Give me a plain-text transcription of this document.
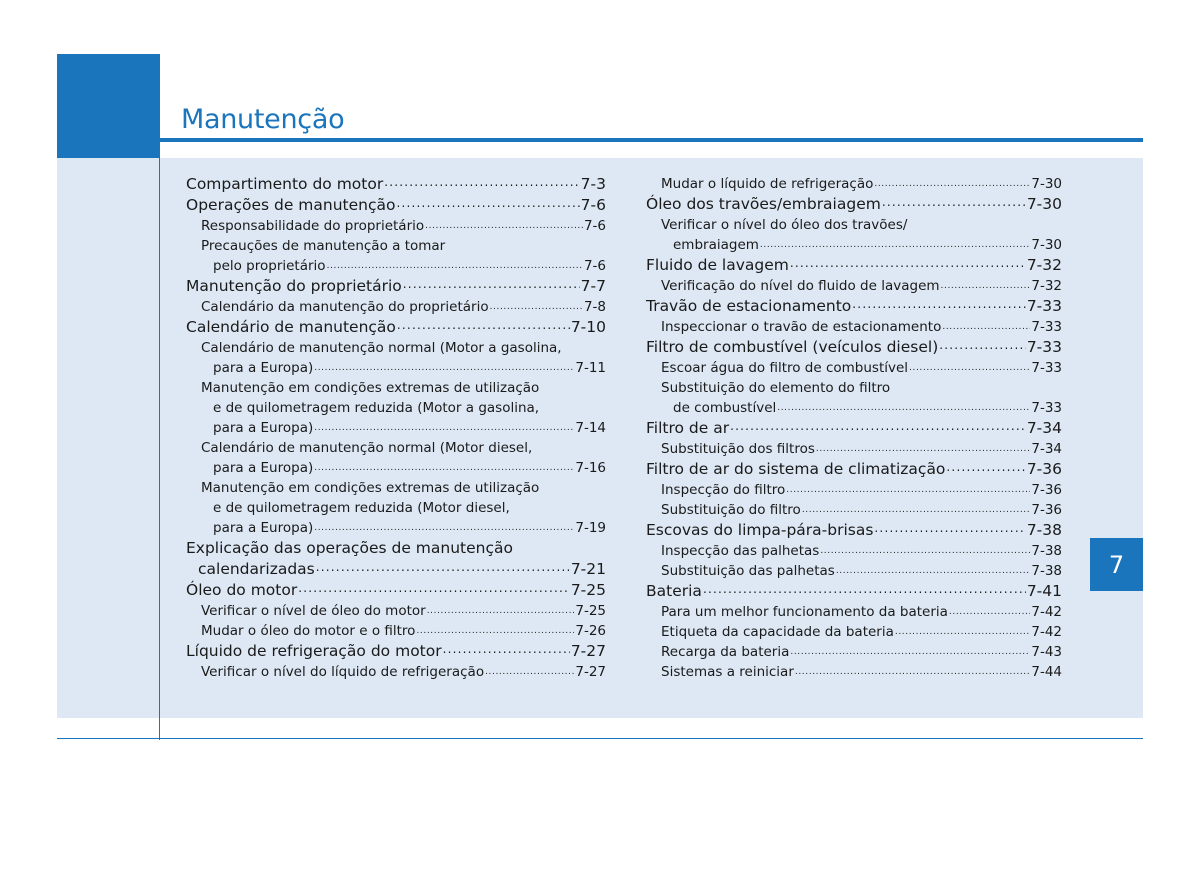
Manutenção
7
Compartimento do motor .....	7-3
Operações de manutenção .....	7-6
Responsabilidade do proprietário .....	7-6
Precauções de manutenção a tomar
pelo proprietário .....	7-6
Manutenção do proprietário .....	7-7
Calendário da manutenção do proprietário .....	7-8
Calendário de manutenção .....	7-10
Calendário de manutenção normal (Motor a gasolina,
para a Europa) .....	7-11
Manutenção em condições extremas de utilização
e de quilometragem reduzida (Motor a gasolina,
para a Europa) .....	7-14
Calendário de manutenção normal (Motor diesel,
para a Europa) .....	7-16
Manutenção em condições extremas de utilização
e de quilometragem reduzida (Motor diesel,
para a Europa) .....	7-19
Explicação das operações de manutenção
calendarizadas .....	7-21
Óleo do motor .....	7-25
Verificar o nível de óleo do motor .....	7-25
Mudar o óleo do motor e o filtro .....	7-26
Líquido de refrigeração do motor .....	7-27
Verificar o nível do líquido de refrigeração .....	7-27
Mudar o líquido de refrigeração .....	7-30
Óleo dos travões/embraiagem .....	7-30
Verificar o nível do óleo dos travões/
embraiagem .....	7-30
Fluido de lavagem .....	7-32
Verificação do nível do fluido de lavagem .....	7-32
Travão de estacionamento .....	7-33
Inspeccionar o travão de estacionamento .....	7-33
Filtro de combustível (veículos diesel) .....	7-33
Escoar água do filtro de combustível .....	7-33
Substituição do elemento do filtro
de combustível .....	7-33
Filtro de ar .....	7-34
Substituição dos filtros .....	7-34
Filtro de ar do sistema de climatização .....	7-36
Inspecção do filtro .....	7-36
Substituição do filtro .....	7-36
Escovas do limpa-pára-brisas .....	7-38
Inspecção das palhetas .....	7-38
Substituição das palhetas .....	7-38
Bateria .....	7-41
Para um melhor funcionamento da bateria .....	7-42
Etiqueta da capacidade da bateria .....	7-42
Recarga da bateria .....	7-43
Sistemas a reiniciar .....	7-44
